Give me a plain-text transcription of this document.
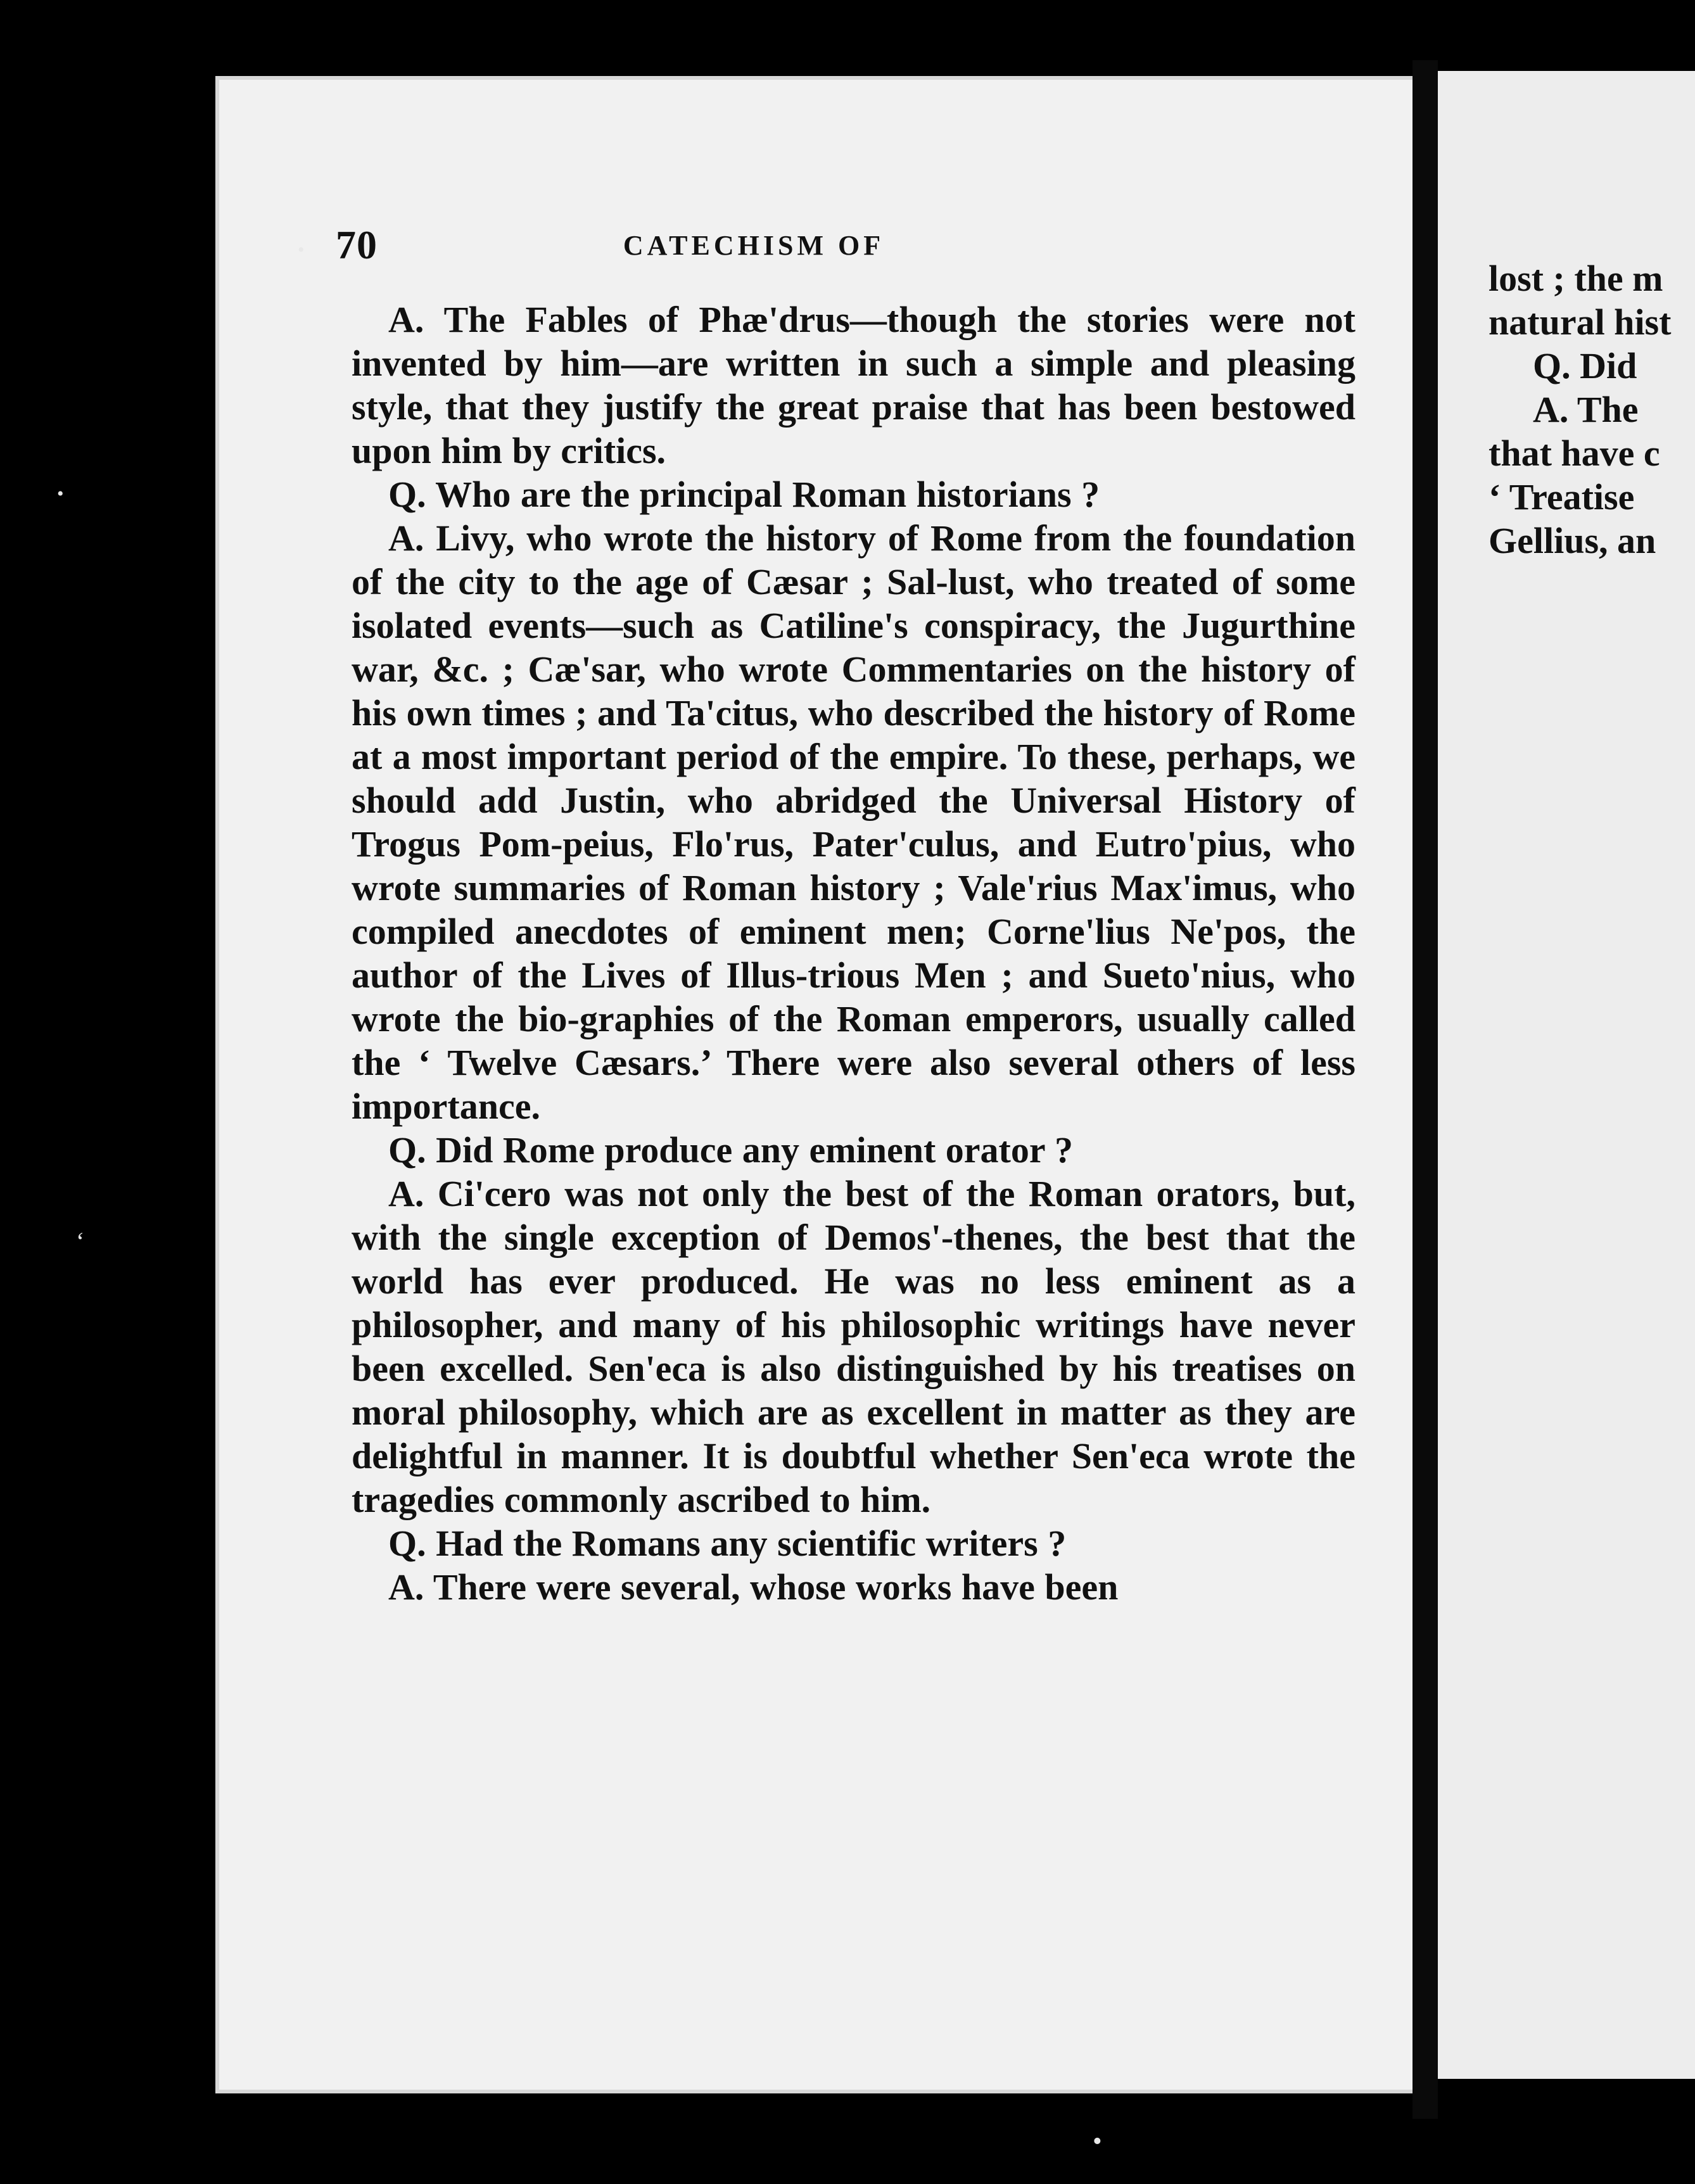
70	CATECHISM OF

A. The Fables of Phæ'drus—though the stories were not invented by him—are written in such a simple and pleasing style, that they justify the great praise that has been bestowed upon him by critics.

Q. Who are the principal Roman historians ?

A. Livy, who wrote the history of Rome from the foundation of the city to the age of Cæsar ; Sal-lust, who treated of some isolated events—such as Catiline's conspiracy, the Jugurthine war, &c. ; Cæ'sar, who wrote Commentaries on the history of his own times ; and Ta'citus, who described the history of Rome at a most important period of the empire. To these, perhaps, we should add Justin, who abridged the Universal History of Trogus Pom-peius, Flo'rus, Pater'culus, and Eutro'pius, who wrote summaries of Roman history ; Vale'rius Max'imus, who compiled anecdotes of eminent men; Corne'lius Ne'pos, the author of the Lives of Illus-trious Men ; and Sueto'nius, who wrote the bio-graphies of the Roman emperors, usually called the ‘ Twelve Cæsars.’ There were also several others of less importance.

Q. Did Rome produce any eminent orator ?

A. Ci'cero was not only the best of the Roman orators, but, with the single exception of Demos'-thenes, the best that the world has ever produced. He was no less eminent as a philosopher, and many of his philosophic writings have never been excelled. Sen'eca is also distinguished by his treatises on moral philosophy, which are as excellent in matter as they are delightful in manner. It is doubtful whether Sen'eca wrote the tragedies commonly ascribed to him.

Q. Had the Romans any scientific writers ?

A. There were several, whose works have been

lost ; the m
natural hist
Q. Did
A. The
that have c
‘ Treatise
Gellius, an
•
•
‘
•
